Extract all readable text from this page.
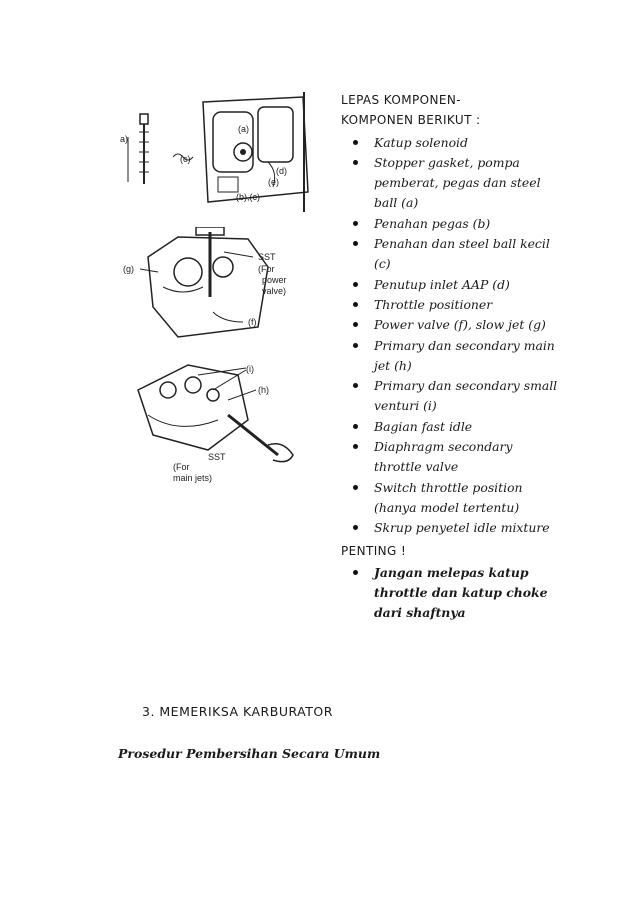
a)
(c)
(a)
(d)
(e)
(b),(c)
(g)
SST
(For
power
valve)
(f)
(i)
(h)
SST
(For
main jets)
LEPAS KOMPONEN-
KOMPONEN BERIKUT :
Katup solenoid
Stopper gasket, pompa pemberat, pegas dan steel ball (a)
Penahan pegas (b)
Penahan dan steel ball kecil (c)
Penutup inlet AAP (d)
Throttle positioner
Power valve (f), slow jet (g)
Primary dan secondary main jet (h)
Primary dan secondary small venturi (i)
Bagian fast idle
Diaphragm secondary throttle valve
Switch throttle position (hanya model tertentu)
Skrup penyetel idle mixture
PENTING !
Jangan melepas katup throttle dan katup choke dari shaftnya
3. MEMERIKSA KARBURATOR
Prosedur Pembersihan Secara Umum
